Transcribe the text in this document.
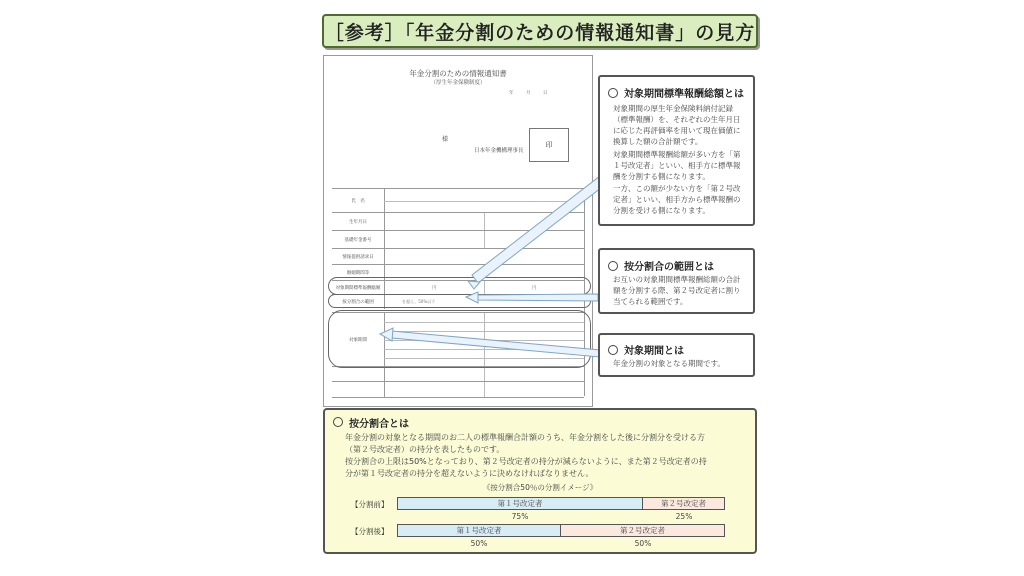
［参考］「年金分割のための情報通知書」の見方
年金分割のための情報通知書
（厚生年金保険制度）
年　月　日
様
日本年金機構理事長
印
氏　名
生年月日
基礎年金番号
情報提供請求日
婚姻期間等
対象期間標準報酬総額	円	円
按分割合の範囲	を超え、50%以下
対象期間
対象期間標準報酬総額とは

対象期間の厚生年金保険料納付記録（標準報酬）を、それぞれの生年月日に応じた再評価率を用いて現在価値に換算した額の合計額です。

対象期間標準報酬総額が多い方を「第１号改定者」といい、相手方に標準報酬を分割する側になります。

一方、この額が少ない方を「第２号改定者」といい、相手方から標準報酬の分割を受ける側になります。

按分割合の範囲とは

お互いの対象期間標準報酬総額の合計額を分割する際、第２号改定者に割り当てられる範囲です。

対象期間とは

年金分割の対象となる期間です。

按分割合とは
年金分割の対象となる期間のお二人の標準報酬合計額のうち、年金分割をした後に分割分を受ける方
（第２号改定者）の持分を表したものです。
按分割合の上限は50%となっており、第２号改定者の持分が減らないように、また第２号改定者の持
分が第１号改定者の持分を超えないように決めなければなりません。
《按分割合50％の分割イメージ》
【分割前】	第１号改定者	第２号改定者
75%	25%
【分割後】	第１号改定者	第２号改定者
50%	50%
